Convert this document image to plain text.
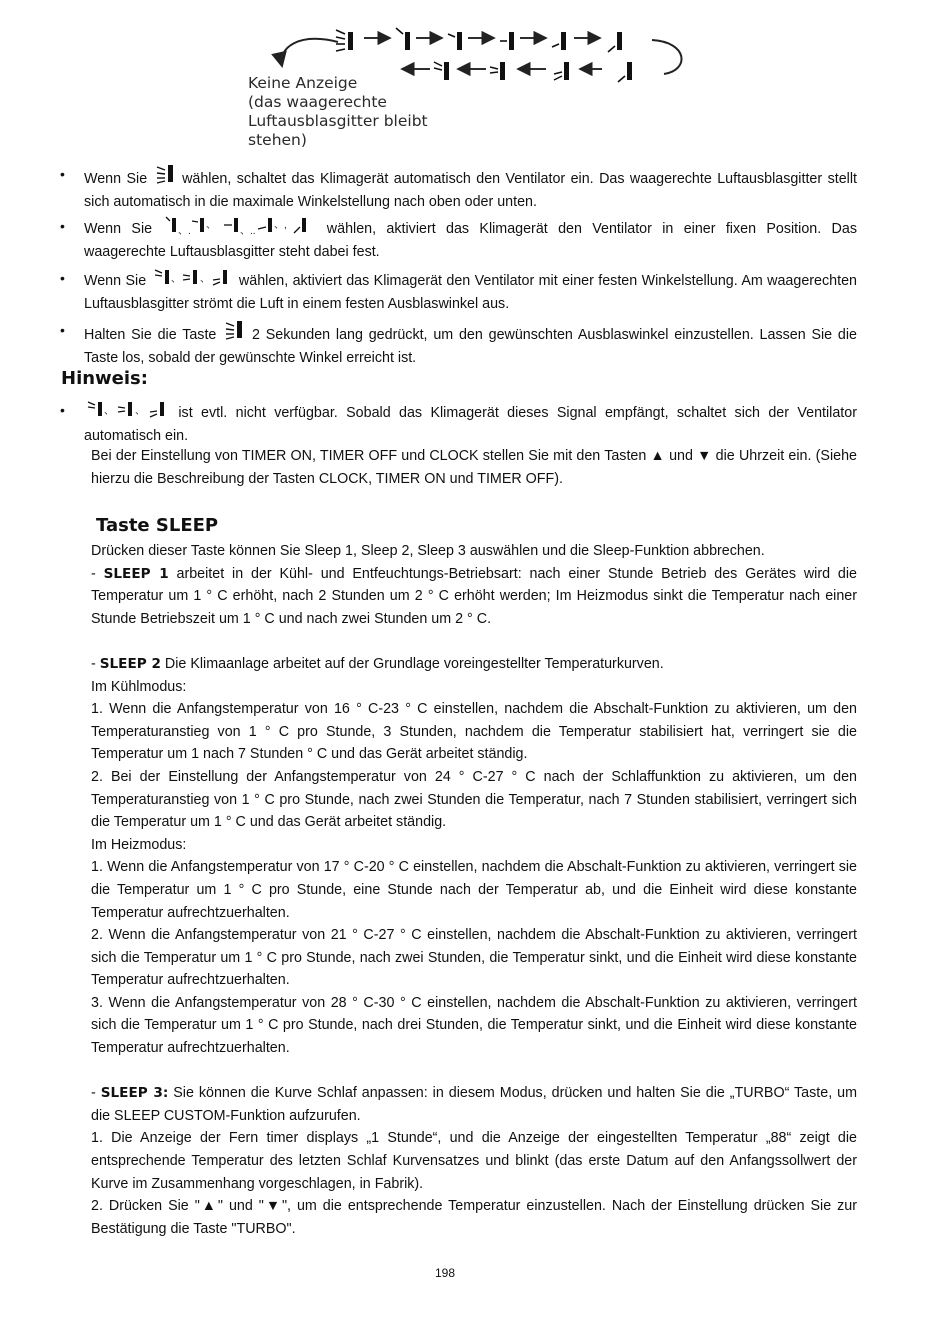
Keine Anzeige
(das waagerechte
Luftausblasgitter bleibt
stehen)
• Wenn Sie wählen, schaltet das Klimagerät automatisch den Ventilator ein. Das waagerechte Luftausblasgitter stellt sich automatisch in die maximale Winkelstellung nach oben oder unten.
• Wenn Sie	、.
、
、..
、,	wählen, aktiviert das Klimagerät den Ventilator in einer fixen Position. Das waagerechte Luftausblasgitter steht dabei fest.
• Wenn Sie 、 、 wählen, aktiviert das Klimagerät den Ventilator mit einer festen Winkelstellung. Am waagerechten Luftausblasgitter strömt die Luft in einem festen Ausblaswinkel aus.
• Halten Sie die Taste 2 Sekunden lang gedrückt, um den gewünschten Ausblaswinkel einzustellen. Lassen Sie die Taste los, sobald der gewünschte Winkel erreicht ist.
Hinweis:
•	、 、 ist evtl. nicht verfügbar. Sobald das Klimagerät dieses Signal empfängt, schaltet sich der Ventilator automatisch ein.
Bei der Einstellung von TIMER ON, TIMER OFF und CLOCK stellen Sie mit den Tasten ▲ und ▼ die Uhrzeit ein. (Siehe hierzu die Beschreibung der Tasten CLOCK, TIMER ON und TIMER OFF).
Taste SLEEP

Drücken dieser Taste können Sie Sleep 1, Sleep 2, Sleep 3 auswählen und die Sleep-Funktion abbrechen.

- SLEEP 1 arbeitet in der Kühl- und Entfeuchtungs-Betriebsart: nach einer Stunde Betrieb des Gerätes wird die Temperatur um 1 ° C erhöht, nach 2 Stunden um 2 ° C erhöht werden; Im Heizmodus sinkt die Temperatur nach einer Stunde Betriebszeit um 1 ° C und nach zwei Stunden um 2 ° C.

- SLEEP 2 Die Klimaanlage arbeitet auf der Grundlage voreingestellter Temperaturkurven.

Im Kühlmodus:

1. Wenn die Anfangstemperatur von 16 ° C-23 ° C einstellen, nachdem die Abschalt-Funktion zu aktivieren, um den Temperaturanstieg von 1 ° C pro Stunde, 3 Stunden, nachdem die Temperatur stabilisiert hat, verringert sie die Temperatur um 1 nach 7 Stunden ° C und das Gerät arbeitet ständig.

2. Bei der Einstellung der Anfangstemperatur von 24 ° C-27 ° C nach der Schlaffunktion zu aktivieren, um den Temperaturanstieg von 1 ° C pro Stunde, nach zwei Stunden die Temperatur, nach 7 Stunden stabilisiert, verringert sich die Temperatur um 1 ° C und das Gerät arbeitet ständig.

Im Heizmodus:

1. Wenn die Anfangstemperatur von 17 ° C-20 ° C einstellen, nachdem die Abschalt-Funktion zu aktivieren, verringert sie die Temperatur um 1 ° C pro Stunde, eine Stunde nach der Temperatur ab, und die Einheit wird diese konstante Temperatur aufrechtzuerhalten.

2. Wenn die Anfangstemperatur von 21 ° C-27 ° C einstellen, nachdem die Abschalt-Funktion zu aktivieren, verringert sich die Temperatur um 1 ° C pro Stunde, nach zwei Stunden, die Temperatur sinkt, und die Einheit wird diese konstante Temperatur aufrechtzuerhalten.

3. Wenn die Anfangstemperatur von 28 ° C-30 ° C einstellen, nachdem die Abschalt-Funktion zu aktivieren, verringert sich die Temperatur um 1 ° C pro Stunde, nach drei Stunden, die Temperatur sinkt, und die Einheit wird diese konstante Temperatur aufrechtzuerhalten.

- SLEEP 3: Sie können die Kurve Schlaf anpassen: in diesem Modus, drücken und halten Sie die „TURBO“ Taste, um die SLEEP CUSTOM-Funktion aufzurufen.

1. Die Anzeige der Fern timer displays „1 Stunde“, und die Anzeige der eingestellten Temperatur „88“ zeigt die entsprechende Temperatur des letzten Schlaf Kurvensatzes und blinkt (das erste Datum auf den Anfangssollwert der Kurve im Zusammenhang vorgeschlagen, in Fabrik).

2. Drücken Sie "▲" und "▼", um die entsprechende Temperatur einzustellen. Nach der Einstellung drücken Sie zur Bestätigung die Taste "TURBO".

198
